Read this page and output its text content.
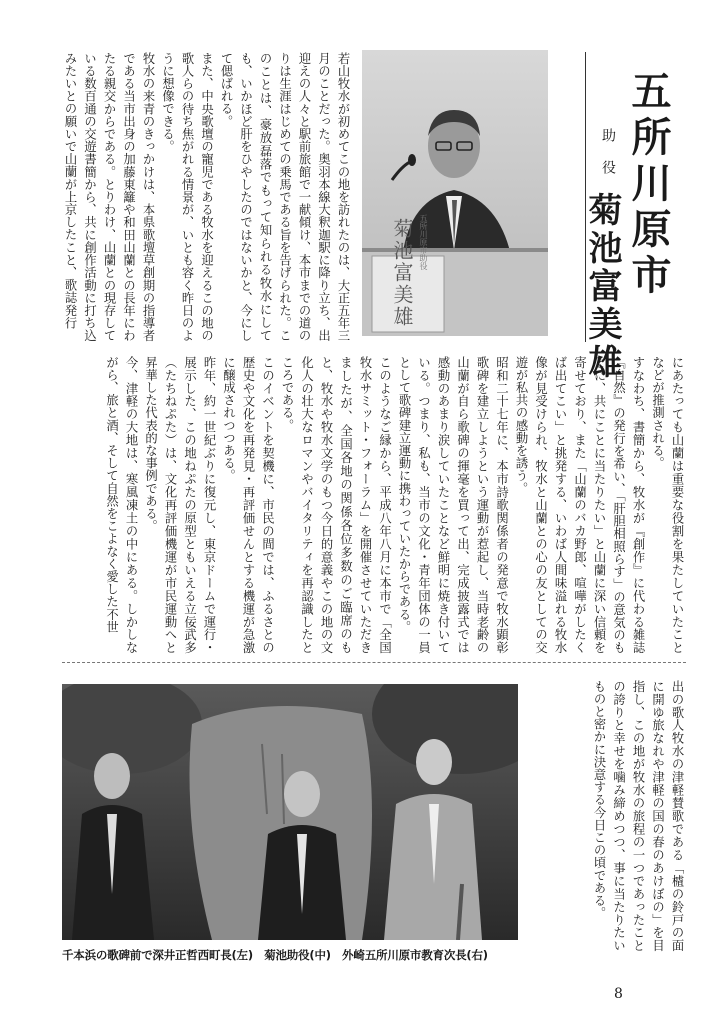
五所川原市
助　役
菊池富美雄
菊池富美雄 五所川原市助役
若山牧水が初めてこの地を訪れたのは、大正五年三月のことだった。奥羽本線大釈迦駅に降り立ち、出迎えの人々と駅前旅館で一献傾け、本市までの道のりは生涯はじめての乗馬である旨を告げられた。このことは、豪放磊落でもって知られる牧水にしても、いかほど肝をひやしたのではないかと、今にして偲ばれる。
また、中央歌壇の寵児である牧水を迎えるこの地の歌人らの待ち焦がれる情景が、いとも容く昨日のように想像できる。
牧水の来青のきっかけは、本県歌壇草創期の指導者である当市出身の加藤東籬や和田山蘭との長年にわたる親交からである。とりわけ、山蘭との現存している数百通の交遊書簡から、共に創作活動に打ち込みたいとの願いで山蘭が上京したこと、歌誌発行
にあたっても山蘭は重要な役割を果たしていたことなどが推測される。
すなわち、書簡から、牧水が『創作』に代わる雑誌『自然』の発行を希い、「肝胆相照らす」の意気のもとに、共にことに当たりたい」と山蘭に深い信頼を寄せており、また「山蘭のバカ野郎、喧嘩がしたくば出てこい」と挑発する、いわば人間味溢れる牧水像が見受けられ、牧水と山蘭との心の友としての交遊が私共の感動を誘う。
昭和二十七年に、本市詩歌関係者の発意で牧水顕彰歌碑を建立しようという運動が惹起し、当時老齢の山蘭が自ら歌碑の揮毫を買って出、完成披露式では感動のあまり涙していたことなど鮮明に焼き付いている。つまり、私も、当市の文化・青年団体の一員として歌碑建立運動に携わっていたからである。
このようなご縁から、平成八年八月に本市で「全国牧水サミット・フォーラム」を開催させていただきましたが、全国各地の関係各位多数のご臨席のもと、牧水や牧水文学のもつ今日的意義やこの地の文化人の壮大なロマンやバイタリティを再認識したところである。
このイベントを契機に、市民の間では、ふるさとの歴史や文化を再発見・再評価せんとする機運が急激に醸成されつつある。
昨年、約一世紀ぶりに復元し、東京ドームで運行・展示した、この地ねぷたの原型ともいえる立佞武多（たちねぷた）は、文化再評価機運が市民運動へと昇華した代表的な事例である。
今、津軽の大地は、寒風凍土の中にある。しかしながら、旅と酒、そして自然をこよなく愛した不世
出の歌人牧水の津軽賛歌である「樝の鈴戸の面に開ゆ旅なれや津軽の国の春のあけぼの」を目指し、この地が牧水の旅程の一つであったことの誇りと幸せを噛み締めつつ、事に当たりたいものと密かに決意する今日この頃である。
千本浜の歌碑前で深井正哲西町長(左)　菊池助役(中)　外崎五所川原市教育次長(右)
8
